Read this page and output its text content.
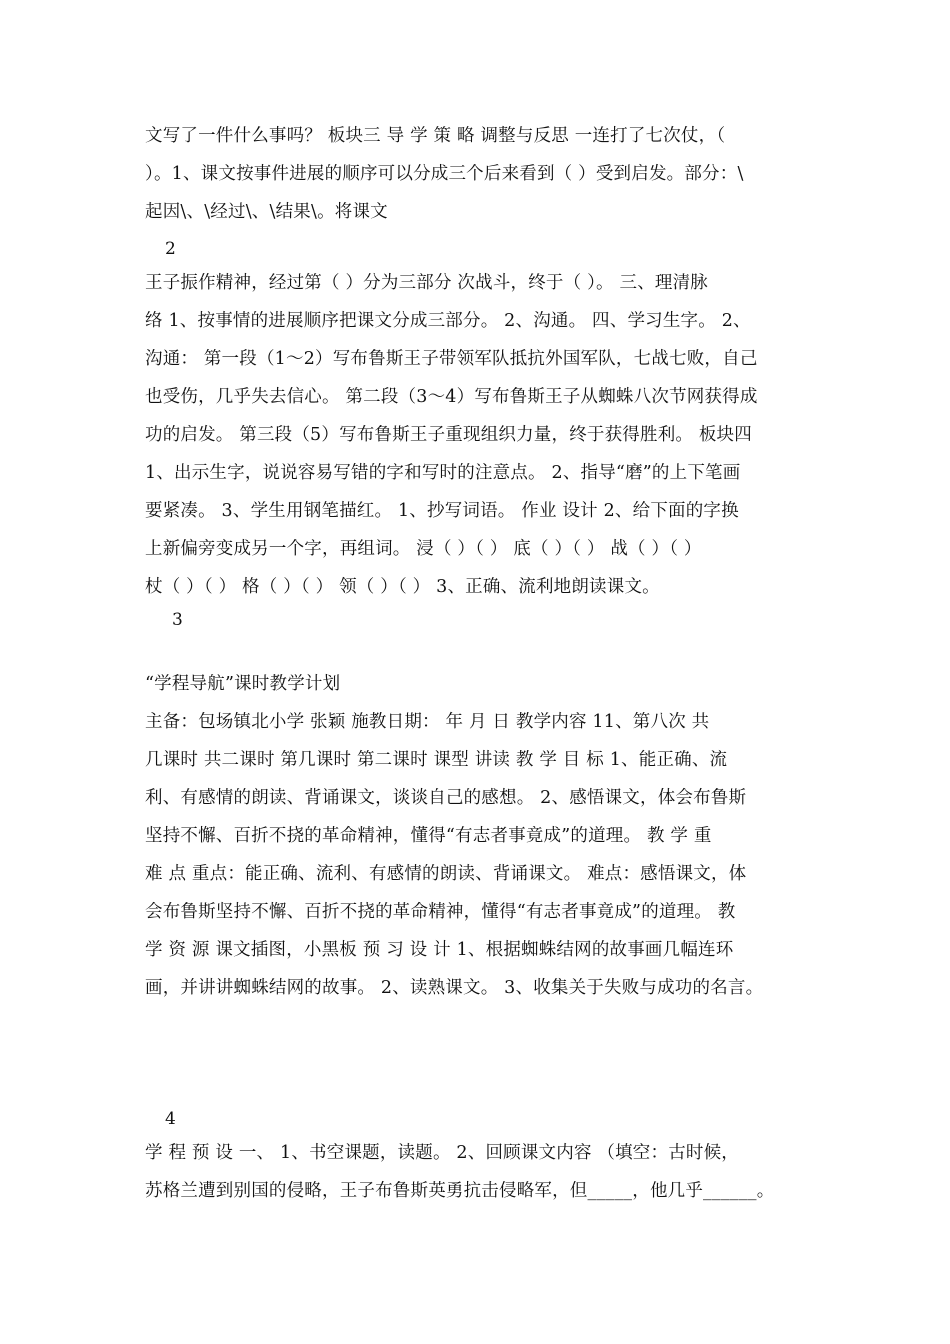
文写了一件什么事吗？ 板块三 导 学 策 略 调整与反思 一连打了七次仗，（
）。1、课文按事件进展的顺序可以分成三个后来看到（ ）受到启发。部分：\
起因\、\经过\、\结果\。将课文
2
王子振作精神，经过第（ ）分为三部分 次战斗，终于（ ）。 三、理清脉
络 1、按事情的进展顺序把课文分成三部分。 2、沟通。 四、学习生字。 2、
沟通： 第一段（1～2）写布鲁斯王子带领军队抵抗外国军队，七战七败，自己
也受伤，几乎失去信心。 第二段（3～4）写布鲁斯王子从蜘蛛八次节网获得成
功的启发。 第三段（5）写布鲁斯王子重现组织力量，终于获得胜利。 板块四
1、出示生字，说说容易写错的字和写时的注意点。 2、指导“磨”的上下笔画
要紧凑。 3、学生用钢笔描红。 1、抄写词语。 作业 设计 2、给下面的字换
上新偏旁变成另一个字，再组词。 浸（ ）（ ） 底（ ）（ ） 战（ ）（ ）
杖（ ）（ ） 格（ ）（ ） 领（ ）（ ） 3、正确、流利地朗读课文。
3
“学程导航”课时教学计划
主备：包场镇北小学 张颖 施教日期： 年 月 日 教学内容 11、第八次 共
几课时 共二课时 第几课时 第二课时 课型 讲读 教 学 目 标 1、能正确、流
利、有感情的朗读、背诵课文，谈谈自己的感想。 2、感悟课文，体会布鲁斯
坚持不懈、百折不挠的革命精神，懂得“有志者事竟成”的道理。 教 学 重
难 点 重点：能正确、流利、有感情的朗读、背诵课文。 难点：感悟课文，体
会布鲁斯坚持不懈、百折不挠的革命精神，懂得“有志者事竟成”的道理。 教
学 资 源 课文插图，小黑板 预 习 设 计 1、根据蜘蛛结网的故事画几幅连环
画，并讲讲蜘蛛结网的故事。 2、读熟课文。 3、收集关于失败与成功的名言。
4
学 程 预 设 一、 1、书空课题，读题。 2、回顾课文内容 （填空：古时候，
苏格兰遭到别国的侵略，王子布鲁斯英勇抗击侵略军，但_____，他几乎______。
